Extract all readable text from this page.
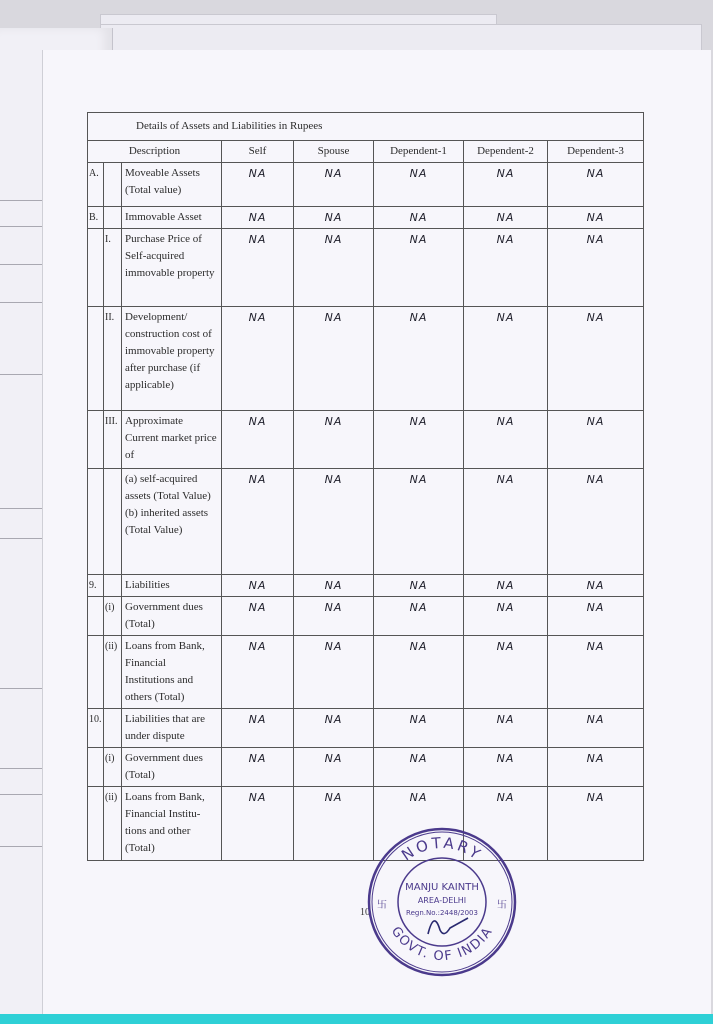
Details of Assets and Liabilities in Rupees							
Description			Self	Spouse	Dependent-1	Dependent-2	Dependent-3
A.		Moveable Assets (Total value)	NA	NA	NA	NA	NA
B.		Immovable Asset	NA	NA	NA	NA	NA
	I.	Purchase Price of Self-acquired immovable property	NA	NA	NA	NA	NA
	II.	Development/ construction cost of immovable property after purchase (if applicable)	NA	NA	NA	NA	NA
	III.	Approximate Current market price of	NA	NA	NA	NA	NA
		(a) self-acquired assets (Total Value) (b) inherited assets (Total Value)	NA	NA	NA	NA	NA
9.		Liabilities	NA	NA	NA	NA	NA
	(i)	Government dues (Total)	NA	NA	NA	NA	NA
	(ii)	Loans from Bank, Financial Institutions and others (Total)	NA	NA	NA	NA	NA
10.		Liabilities that are under dispute	NA	NA	NA	NA	NA
	(i)	Government dues (Total)	NA	NA	NA	NA	NA
	(ii)	Loans from Bank, Financial Institu- tions and other (Total)	NA	NA	NA	NA	NA
10
NOTARY
GOVT. OF INDIA
MANJU KAINTH
AREA-DELHI
Regn.No.:2448/2003
卐	卐
